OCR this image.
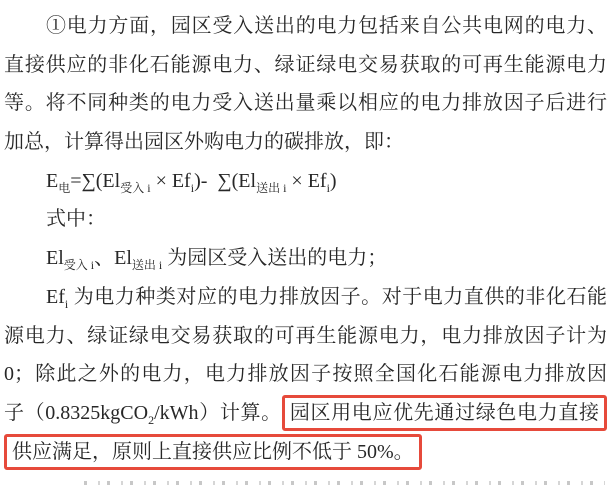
①电力方面，园区受入送出的电力包括来自公共电网的电力、
直接供应的非化石能源电力、绿证绿电交易获取的可再生能源电力
等。将不同种类的电力受入送出量乘以相应的电力排放因子后进行
加总，计算得出园区外购电力的碳排放，即：
$E_电=\sum(El_{受入 i} \times Ef_i)-$ $\sum(El_{送出 i} \times Ef_i)$
式中：
$El_{受入 i}$、$El_{送出 i}$ 为园区受入送出的电力；
$Ef_i$ 为电力种类对应的电力排放因子。对于电力直供的非化石能
源电力、绿证绿电交易获取的可再生能源电力，电力排放因子计为
0；除此之外的电力，电力排放因子按照全国化石能源电力排放因
子（0.8325kgCO$_2$/kWh）计算。 园区用电应优先通过绿色电力直接
供应满足，原则上直接供应比例不低于 50%。
